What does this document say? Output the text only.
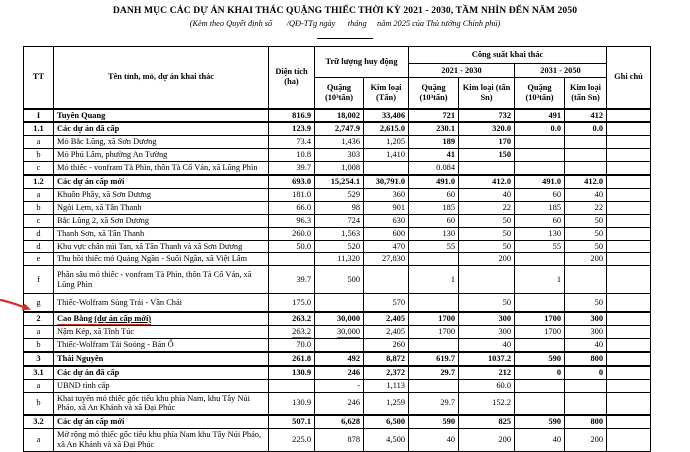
DANH MỤC CÁC DỰ ÁN KHAI THÁC QUẶNG THIẾC THỜI KỲ 2021 - 2030, TẦM NHÌN ĐẾN NĂM 2050
(Kèm theo Quyết định số       /QĐ-TTg ngày      tháng     năm 2025 của Thủ tướng Chính phủ)
TT	Tên tỉnh, mỏ, dự án khai thác	Diện tích (ha)	Trữ lượng huy động		Công suất khai thác				Ghi chú
					2021 - 2030		2031 - 2050		
			Quặng (10³tấn)	Kim loại (Tấn)	Quặng (10³tấn)	Kim loại (tấn Sn)	Quặng (10³tấn)	Kim loại (tấn Sn)	
I	Tuyên Quang	816.9	18,002	33,406	721	732	491	412	
1.1	Các dự án đã cấp	123.9	2,747.9	2,615.0	230.1	320.0	0.0	0.0	
a	Mỏ Bắc Lũng, xã Sơn Dương	73.4	1,436	1,205	189	170			
b	Mỏ Phú Lâm, phường An Tường	10.8	303	1,410	41	150			
c	Mỏ thiếc - vonfram Tà Phìn, thôn Tà Cổ Ván, xã Lũng Phìn	39.7	1,008		0.084				
1.2	Các dự án cấp mới	693.0	15,254.1	30,791.0	491.0	412.0	491.0	412.0	
a	Khuôn Phầy, xã Sơn Dương	181.0	529	360	60	40	60	40	
b	Ngòi Lẹm, xã Tân Thanh	66.0	98	901	185	22	185	22	
c	Bắc Lũng 2, xã Sơn Dương	96.3	724	630	60	50	60	50	
d	Thanh Sơn, xã Tân Thanh	260.0	1,563	600	130	50	130	50	
d	Khu vực chân núi Tan, xã Tân Thanh và xã Sơn Dương	50.0	520	470	55	50	55	50	
e	Thu hồi thiếc mỏ Quảng Ngần - Suối Ngần, xã Việt Lâm		11,320	27,830		200		200	
f	Phần sâu mỏ thiếc - vonfram Tà Phìn, thôn Tà Cổ Ván, xã Lũng Phìn	39.7	500		1		1		
g	Thiếc-Wolfram Sủng Trái - Vần Chải	175.0		570		50		50	
2	Cao Bằng (dự án cấp mới)	263.2	30,000	2,405	1700	300	1700	300	
a	Nậm Kép, xã Tĩnh Túc	263.2	30,000	2,405	1700	300	1700	300	
b	Thiếc-Wolfram Tái Soỏng - Bản Ổ	70.0		260		40		40	
3	Thái Nguyên	261.8	492	8,872	619.7	1037.2	590	800	
3.1	Các dự án đã cấp	130.9	246	2,372	29.7	212	0	0	
a	UBND tỉnh cấp		-	1,113		60.0			
b	Khai tuyển mỏ thiếc gốc tiểu khu phía Nam, khu Tây Núi Pháo, xã An Khánh và xã Đại Phúc	130.9	246	1,259	29.7	152.2			
3.2	Các dự án cấp mới	507.1	6,628	6,500	590	825	590	800	
a	Mở rộng mỏ thiếc gốc tiểu khu phía Nam khu Tây Núi Pháo, xã An Khánh và xã Đại Phúc	225.0	878	4,500	40	200	40	200	
